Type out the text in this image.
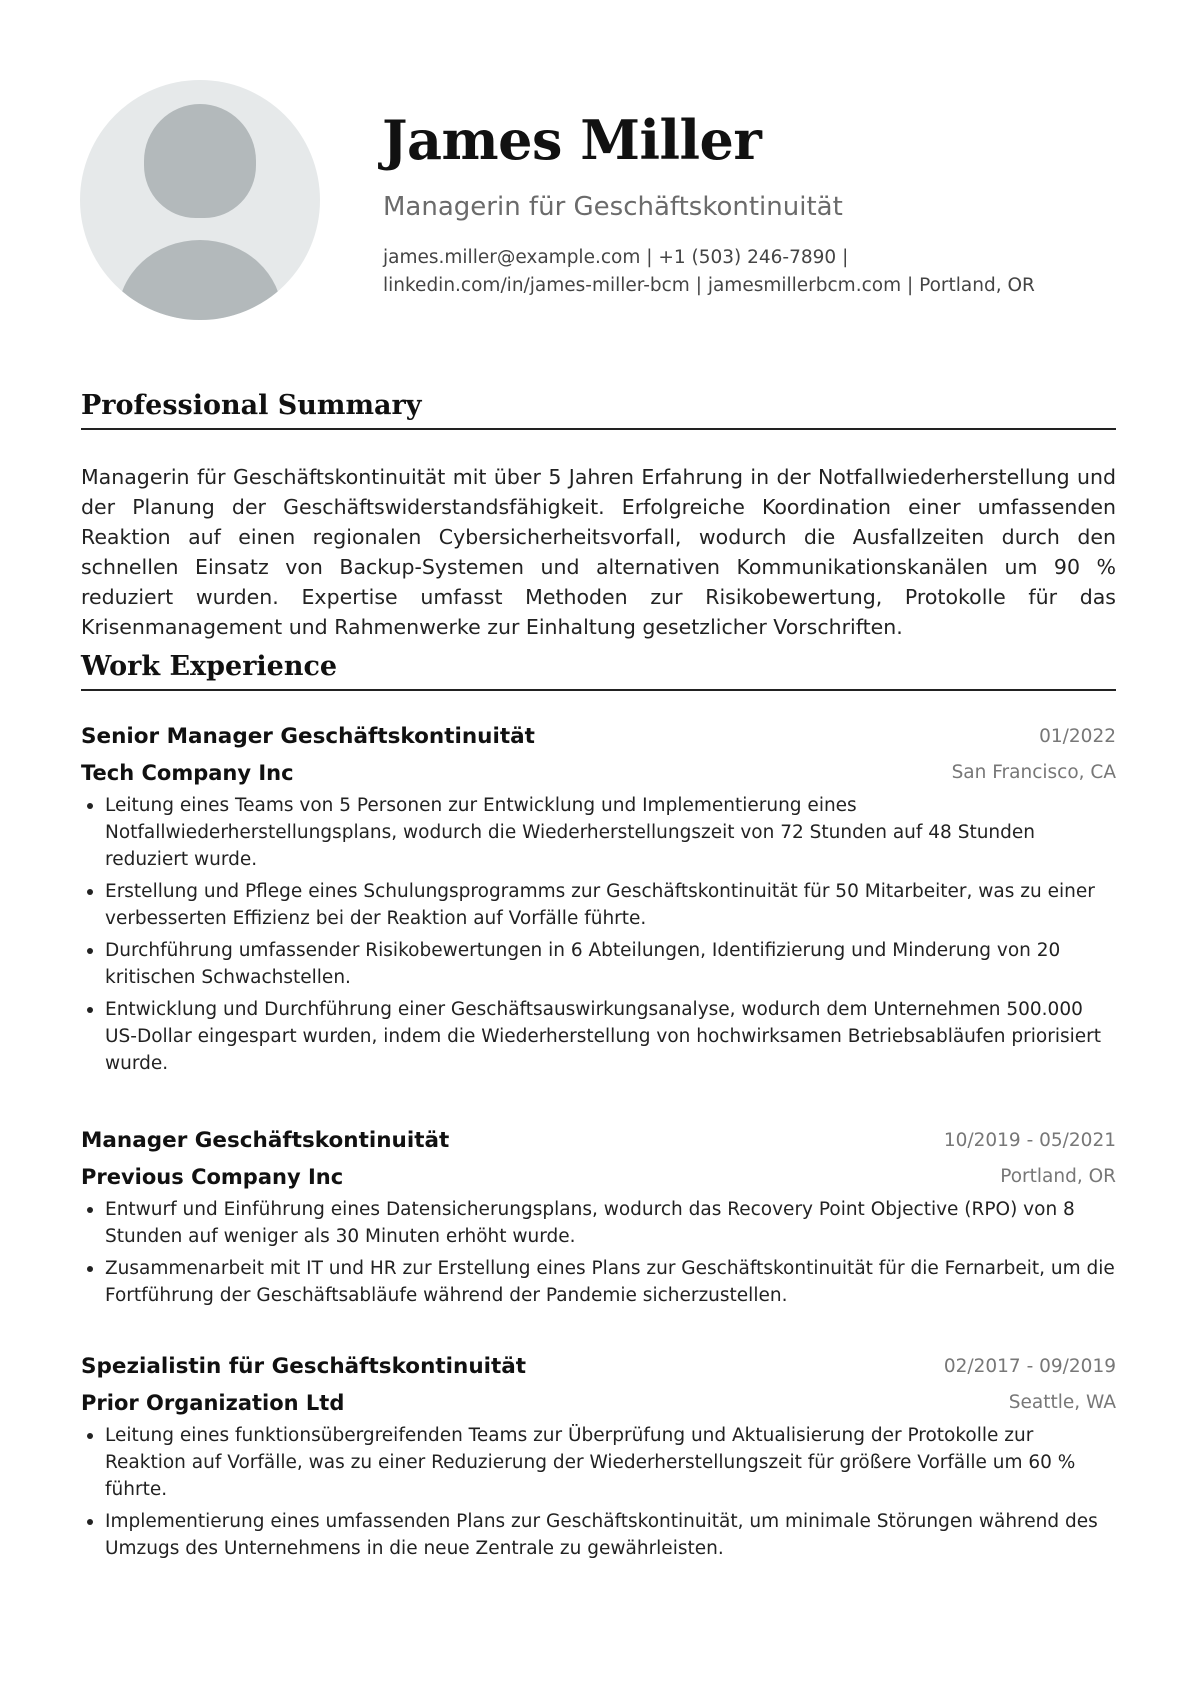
James Miller
Managerin für Geschäftskontinuität
james.miller@example.com | +1 (503) 246-7890 |
linkedin.com/in/james-miller-bcm | jamesmillerbcm.com | Portland, OR
Professional Summary

Managerin für Geschäftskontinuität mit über 5 Jahren Erfahrung in der Notfallwiederherstellung und der Planung der Geschäftswiderstandsfähigkeit. Erfolgreiche Koordination einer umfassenden Reaktion auf einen regionalen Cybersicherheitsvorfall, wodurch die Ausfallzeiten durch den schnellen Einsatz von Backup-Systemen und alternativen Kommunikationskanälen um 90 % reduziert wurden. Expertise umfasst Methoden zur Risikobewertung, Protokolle für das Krisenmanagement und Rahmenwerke zur Einhaltung gesetzlicher Vorschriften.

Work Experience
Senior Manager Geschäftskontinuität	01/2022
Tech Company Inc	San Francisco, CA
Leitung eines Teams von 5 Personen zur Entwicklung und Implementierung eines Notfallwiederherstellungsplans, wodurch die Wiederherstellungszeit von 72 Stunden auf 48 Stunden reduziert wurde.
Erstellung und Pflege eines Schulungsprogramms zur Geschäftskontinuität für 50 Mitarbeiter, was zu einer verbesserten Effizienz bei der Reaktion auf Vorfälle führte.
Durchführung umfassender Risikobewertungen in 6 Abteilungen, Identifizierung und Minderung von 20 kritischen Schwachstellen.
Entwicklung und Durchführung einer Geschäftsauswirkungsanalyse, wodurch dem Unternehmen 500.000 US-Dollar eingespart wurden, indem die Wiederherstellung von hochwirksamen Betriebsabläufen priorisiert wurde.
Manager Geschäftskontinuität	10/2019 - 05/2021
Previous Company Inc	Portland, OR
Entwurf und Einführung eines Datensicherungsplans, wodurch das Recovery Point Objective (RPO) von 8 Stunden auf weniger als 30 Minuten erhöht wurde.
Zusammenarbeit mit IT und HR zur Erstellung eines Plans zur Geschäftskontinuität für die Fernarbeit, um die Fortführung der Geschäftsabläufe während der Pandemie sicherzustellen.
Spezialistin für Geschäftskontinuität	02/2017 - 09/2019
Prior Organization Ltd	Seattle, WA
Leitung eines funktionsübergreifenden Teams zur Überprüfung und Aktualisierung der Protokolle zur Reaktion auf Vorfälle, was zu einer Reduzierung der Wiederherstellungszeit für größere Vorfälle um 60 % führte.
Implementierung eines umfassenden Plans zur Geschäftskontinuität, um minimale Störungen während des Umzugs des Unternehmens in die neue Zentrale zu gewährleisten.
